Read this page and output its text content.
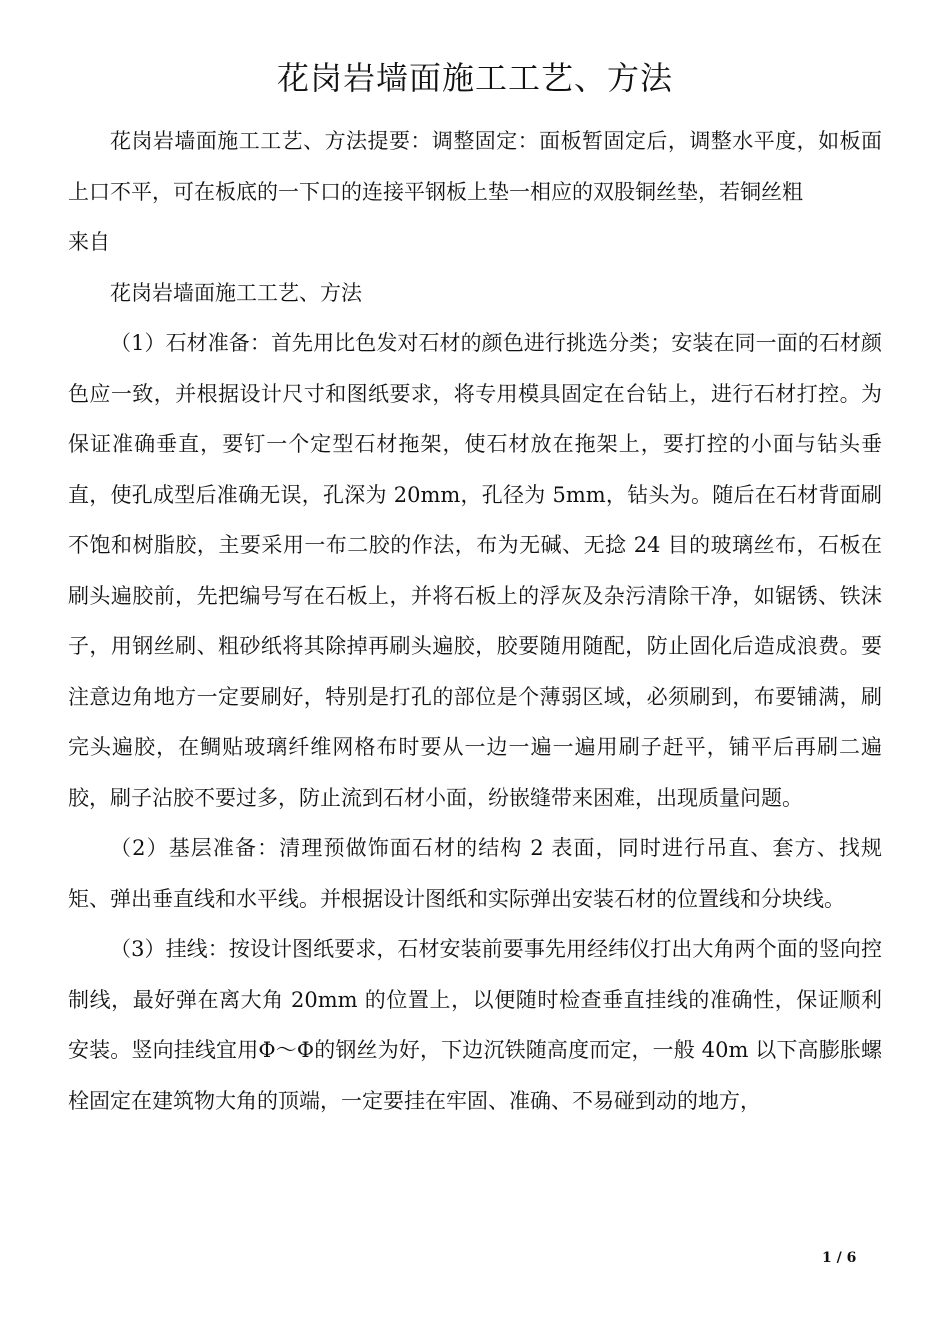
花岗岩墙面施工工艺、方法

花岗岩墙面施工工艺、方法提要：调整固定：面板暂固定后，调整水平度，如板面上口不平，可在板底的一下口的连接平钢板上垫一相应的双股铜丝垫，若铜丝粗

来自

花岗岩墙面施工工艺、方法

（1）石材准备：首先用比色发对石材的颜色进行挑选分类；安装在同一面的石材颜色应一致，并根据设计尺寸和图纸要求，将专用模具固定在台钻上，进行石材打控。为保证准确垂直，要钉一个定型石材拖架，使石材放在拖架上，要打控的小面与钻头垂直，使孔成型后准确无误，孔深为 20mm，孔径为 5mm，钻头为。随后在石材背面刷不饱和树脂胶，主要采用一布二胶的作法，布为无碱、无捻 24 目的玻璃丝布，石板在刷头遍胶前，先把编号写在石板上，并将石板上的浮灰及杂污清除干净，如锯锈、铁沫子，用钢丝刷、粗砂纸将其除掉再刷头遍胶，胶要随用随配，防止固化后造成浪费。要注意边角地方一定要刷好，特别是打孔的部位是个薄弱区域，必须刷到，布要铺满，刷完头遍胶，在鲷贴玻璃纤维网格布时要从一边一遍一遍用刷子赶平，铺平后再刷二遍胶，刷子沾胶不要过多，防止流到石材小面，纷嵌缝带来困难，出现质量问题。

（2）基层准备：清理预做饰面石材的结构 2 表面，同时进行吊直、套方、找规矩、弹出垂直线和水平线。并根据设计图纸和实际弹出安装石材的位置线和分块线。

（3）挂线：按设计图纸要求，石材安装前要事先用经纬仪打出大角两个面的竖向控制线，最好弹在离大角 20mm 的位置上，以便随时检查垂直挂线的准确性，保证顺利安装。竖向挂线宜用Φ～Φ的钢丝为好，下边沉铁随高度而定，一般 40m 以下高膨胀螺栓固定在建筑物大角的顶端，一定要挂在牢固、准确、不易碰到动的地方，

1 / 6
